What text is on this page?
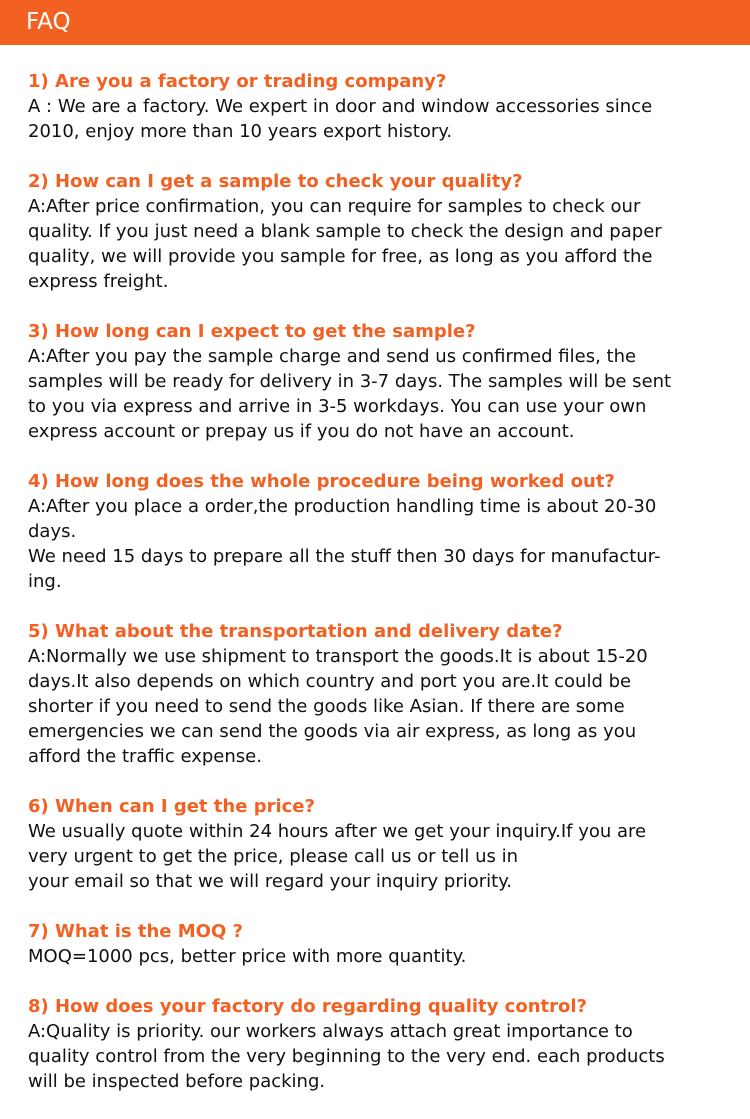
FAQ
1) Are you a factory or trading company?
A : We are a factory. We expert in door and window accessories since
2010, enjoy more than 10 years export history.
2) How can I get a sample to check your quality?
A:After price confirmation, you can require for samples to check our
quality. If you just need a blank sample to check the design and paper
quality, we will provide you sample for free, as long as you afford the
express freight.
3) How long can I expect to get the sample?
A:After you pay the sample charge and send us confirmed files, the
samples will be ready for delivery in 3-7 days. The samples will be sent
to you via express and arrive in 3-5 workdays. You can use your own
express account or prepay us if you do not have an account.
4) How long does the whole procedure being worked out?
A:After you place a order,the production handling time is about 20-30
days.
We need 15 days to prepare all the stuff then 30 days for manufactur-
ing.
5) What about the transportation and delivery date?
A:Normally we use shipment to transport the goods.It is about 15-20
days.It also depends on which country and port you are.It could be
shorter if you need to send the goods like Asian. If there are some
emergencies we can send the goods via air express, as long as you
afford the traffic expense.
6) When can I get the price?
We usually quote within 24 hours after we get your inquiry.If you are
very urgent to get the price, please call us or tell us in
your email so that we will regard your inquiry priority.
7) What is the MOQ ?
MOQ=1000 pcs, better price with more quantity.
8) How does your factory do regarding quality control?
A:Quality is priority. our workers always attach great importance to
quality control from the very beginning to the very end. each products
will be inspected before packing.
